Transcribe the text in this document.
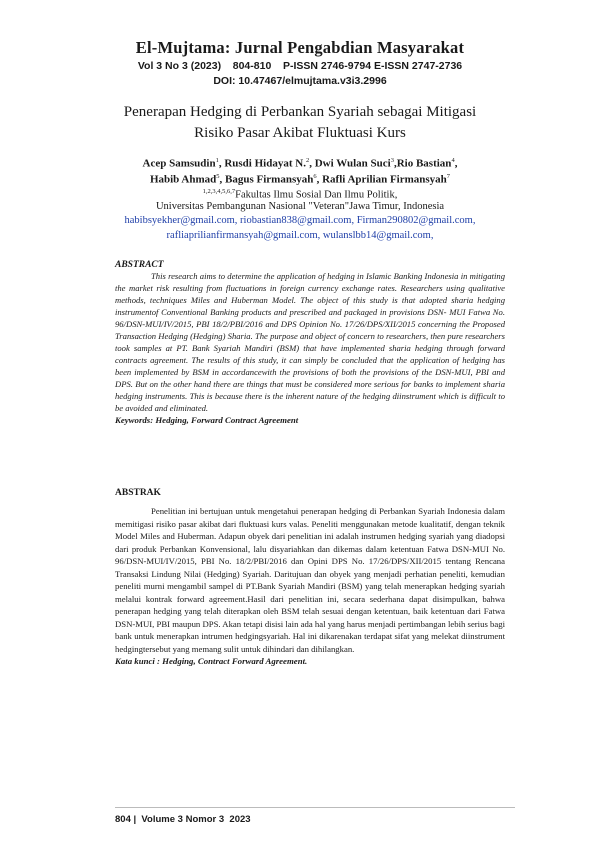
El-Mujtama: Jurnal Pengabdian Masyarakat
Vol 3 No 3 (2023)    804-810    P-ISSN 2746-9794 E-ISSN 2747-2736
DOI: 10.47467/elmujtama.v3i3.2996
Penerapan Hedging di Perbankan Syariah sebagai Mitigasi
Risiko Pasar Akibat Fluktuasi Kurs
Acep Samsudin$^1$, Rusdi Hidayat N.$^2$, Dwi Wulan Suci$^3$,Rio Bastian$^4$,
Habib Ahmad$^5$, Bagus Firmansyah$^6$, Rafli Aprilian Firmansyah$^7$
$^{1,2,3,4,5,6,7}$Fakultas Ilmu Sosial Dan Ilmu Politik,
Universitas Pembangunan Nasional "Veteran"Jawa Timur, Indonesia
habibsyekher@gmail.com, riobastian838@gmail.com, Firman290802@gmail.com,
rafliaprilianfirmansyah@gmail.com, wulanslbb14@gmail.com,
ABSTRACT

This research aims to determine the application of hedging in Islamic Banking Indonesia in mitigating the market risk resulting from fluctuations in foreign currency exchange rates. Researchers using qualitative methods, techniques Miles and Huberman Model. The object of this study is that adopted sharia hedging instrumentof Conventional Banking products and prescribed and packaged in provisions DSN- MUI Fatwa No. 96/DSN-MUI/IV/2015, PBI 18/2/PBI/2016 and DPS Opinion No. 17/26/DPS/XII/2015 concerning the Proposed Transaction Hedging (Hedging) Sharia. The purpose and object of concern to researchers, then pure researchers took samples at PT. Bank Syariah Mandiri (BSM) that have implemented sharia hedging through forward contracts agreement. The results of this study, it can simply be concluded that the application of hedging has been implemented by BSM in accordancewith the provisions of both the provisions of the DSN-MUI, PBI and DPS. But on the other hand there are things that must be considered more serious for banks to implement sharia hedging instruments. This is because there is the inherent nature of the hedging diinstrument which is difficult to be avoided and eliminated.

Keywords: Hedging, Forward Contract Agreement
ABSTRAK

Penelitian ini bertujuan untuk mengetahui penerapan hedging di Perbankan Syariah Indonesia dalam memitigasi risiko pasar akibat dari fluktuasi kurs valas. Peneliti menggunakan metode kualitatif, dengan teknik Model Miles and Huberman. Adapun obyek dari penelitian ini adalah instrumen hedging syariah yang diadopsi dari produk Perbankan Konvensional, lalu disyariahkan dan dikemas dalam ketentuan Fatwa DSN-MUI No. 96/DSN-MUI/IV/2015, PBI No. 18/2/PBI/2016 dan Opini DPS No. 17/26/DPS/XII/2015 tentang Rencana Transaksi Lindung Nilai (Hedging) Syariah. Daritujuan dan obyek yang menjadi perhatian peneliti, kemudian peneliti murni mengambil sampel di PT.Bank Syariah Mandiri (BSM) yang telah menerapkan hedging syariah melalui kontrak forward agreement.Hasil dari penelitian ini, secara sederhana dapat disimpulkan, bahwa penerapan hedging yang telah diterapkan oleh BSM telah sesuai dengan ketentuan, baik ketentuan dari Fatwa DSN-MUI, PBI maupun DPS. Akan tetapi disisi lain ada hal yang harus menjadi pertimbangan lebih serius bagi bank untuk menerapkan intrumen hedgingsyariah. Hal ini dikarenakan terdapat sifat yang melekat diinstrument hedgingtersebut yang memang sulit untuk dihindari dan dihilangkan.

Kata kunci : Hedging, Contract Forward Agreement.
804 |  Volume 3 Nomor 3  2023
